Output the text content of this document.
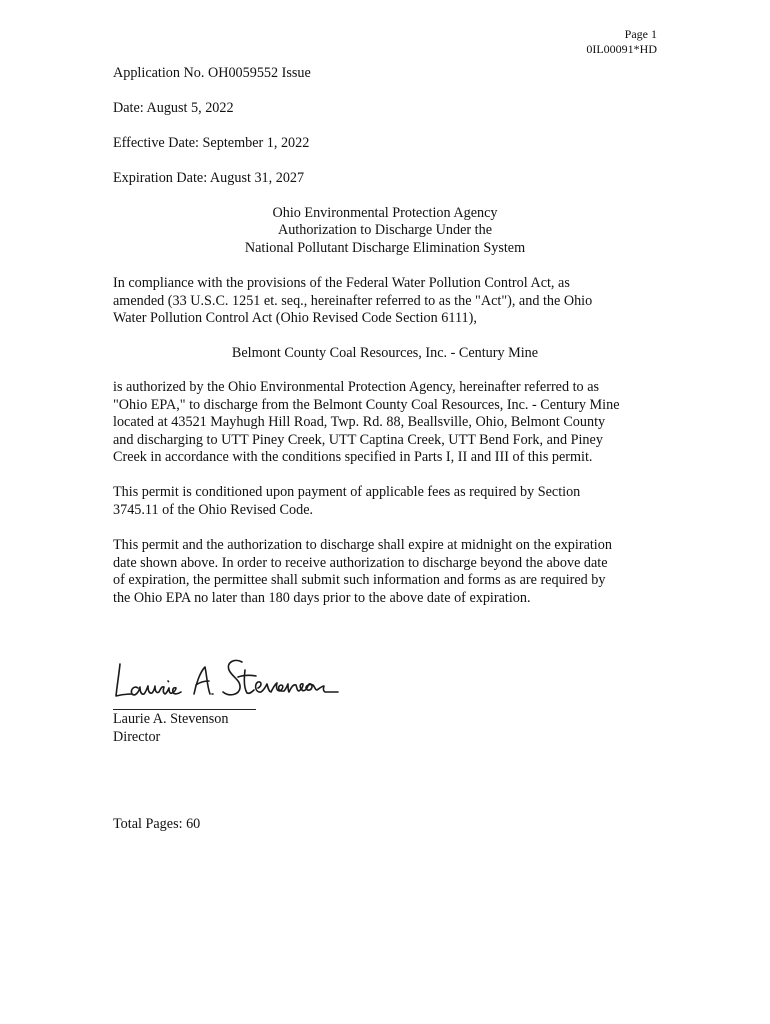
Page 1
0IL00091*HD
Application No. OH0059552 Issue
Date: August 5, 2022
Effective Date: September 1, 2022
Expiration Date: August 31, 2027
Ohio Environmental Protection Agency
Authorization to Discharge Under the
National Pollutant Discharge Elimination System
In compliance with the provisions of the Federal Water Pollution Control Act, as
amended (33 U.S.C. 1251 et. seq., hereinafter referred to as the "Act"), and the Ohio
Water Pollution Control Act (Ohio Revised Code Section 6111),
Belmont County Coal Resources, Inc. - Century Mine
is authorized by the Ohio Environmental Protection Agency, hereinafter referred to as
"Ohio EPA," to discharge from the Belmont County Coal Resources, Inc. - Century Mine
located at 43521 Mayhugh Hill Road, Twp. Rd. 88, Beallsville, Ohio, Belmont County
and discharging to UTT Piney Creek, UTT Captina Creek, UTT Bend Fork, and Piney
Creek in accordance with the conditions specified in Parts I, II and III of this permit.
This permit is conditioned upon payment of applicable fees as required by Section
3745.11 of the Ohio Revised Code.
This permit and the authorization to discharge shall expire at midnight on the expiration
date shown above. In order to receive authorization to discharge beyond the above date
of expiration, the permittee shall submit such information and forms as are required by
the Ohio EPA no later than 180 days prior to the above date of expiration.
Laurie A. Stevenson
Director
Total Pages: 60
